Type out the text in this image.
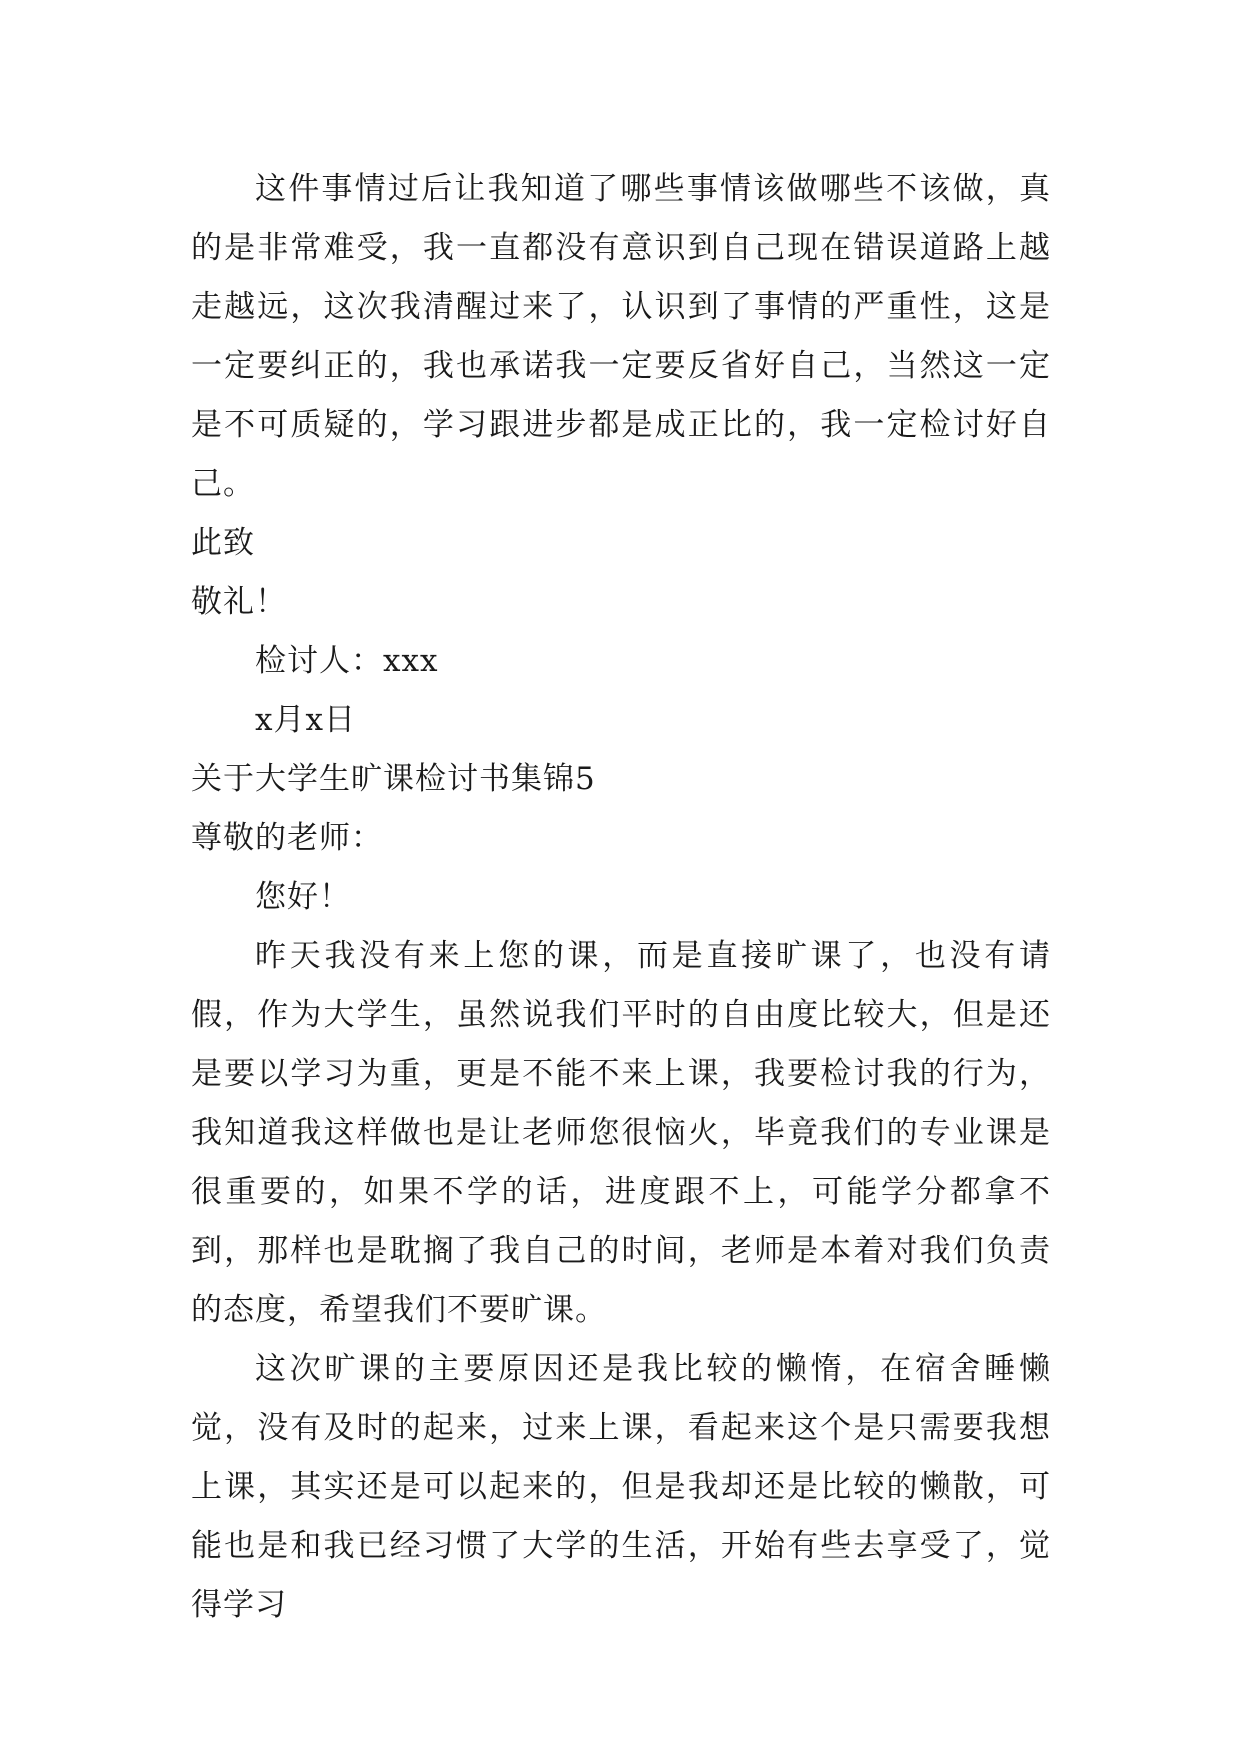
这件事情过后让我知道了哪些事情该做哪些不该做，真的是非常难受，我一直都没有意识到自己现在错误道路上越走越远，这次我清醒过来了，认识到了事情的严重性，这是一定要纠正的，我也承诺我一定要反省好自己，当然这一定是不可质疑的，学习跟进步都是成正比的，我一定检讨好自己。

此致

敬礼！

检讨人：xxx

x月x日

关于大学生旷课检讨书集锦5

尊敬的老师：

您好！

昨天我没有来上您的课，而是直接旷课了，也没有请假，作为大学生，虽然说我们平时的自由度比较大，但是还是要以学习为重，更是不能不来上课，我要检讨我的行为，我知道我这样做也是让老师您很恼火，毕竟我们的专业课是很重要的，如果不学的话，进度跟不上，可能学分都拿不到，那样也是耽搁了我自己的时间，老师是本着对我们负责的态度，希望我们不要旷课。

这次旷课的主要原因还是我比较的懒惰，在宿舍睡懒觉，没有及时的起来，过来上课，看起来这个是只需要我想上课，其实还是可以起来的，但是我却还是比较的懒散，可能也是和我已经习惯了大学的生活，开始有些去享受了，觉得学习
